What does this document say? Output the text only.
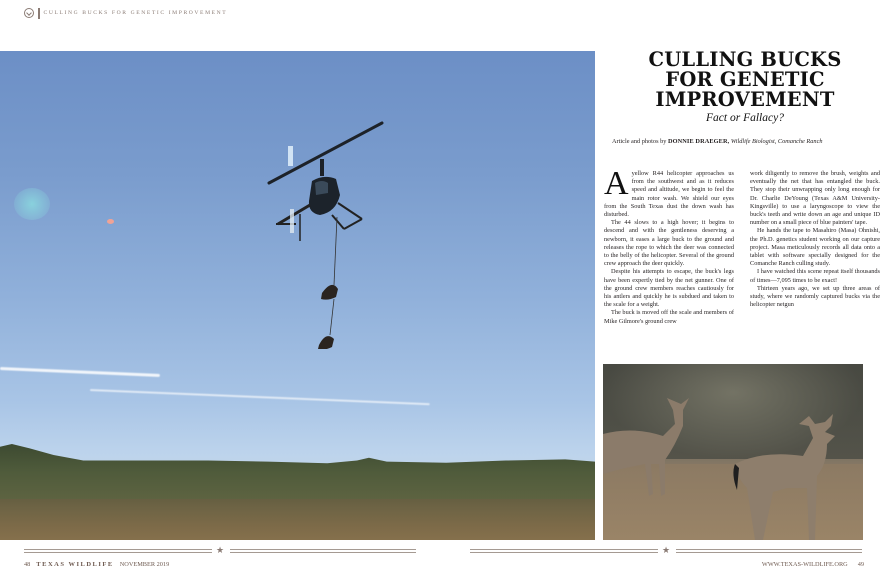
CULLING BUCKS FOR GENETIC IMPROVEMENT
CULLING BUCKS
FOR GENETIC
IMPROVEMENT
Fact or Fallacy?
Article and photos by DONNIE DRAEGER, Wildlife Biologist, Comanche Ranch

Ayellow R44 helicopter approaches us from the southwest and as it reduces speed and altitude, we begin to feel the main rotor wash. We shield our eyes from the South Texas dust the down wash has disturbed.

The 44 slows to a high hover; it begins to descend and with the gentleness deserving a newborn, it eases a large buck to the ground and releases the rope to which the deer was connected to the belly of the helicopter. Several of the ground crew approach the deer quickly.

Despite his attempts to escape, the buck's legs have been expertly tied by the net gunner. One of the ground crew members reaches cautiously for his antlers and quickly he is subdued and taken to the scale for a weight.

The buck is moved off the scale and members of Mike Gilmore's ground crew

work diligently to remove the brush, weights and eventually the net that has entangled the buck. They stop their unwrapping only long enough for Dr. Charlie DeYoung (Texas A&M University-Kingsville) to use a laryngoscope to view the buck's teeth and write down an age and unique ID number on a small piece of blue painters' tape.

He hands the tape to Masahiro (Masa) Ohnishi, the Ph.D. genetics student working on our capture project. Masa meticulously records all data onto a tablet with software specially designed for the Comanche Ranch culling study.

I have watched this scene repeat itself thousands of times—7,095 times to be exact!

Thirteen years ago, we set up three areas of study, where we randomly captured bucks via the helicopter netgun

★
48 TEXAS WILDLIFE NOVEMBER 2019
★
WWW.TEXAS-WILDLIFE.ORG 49
